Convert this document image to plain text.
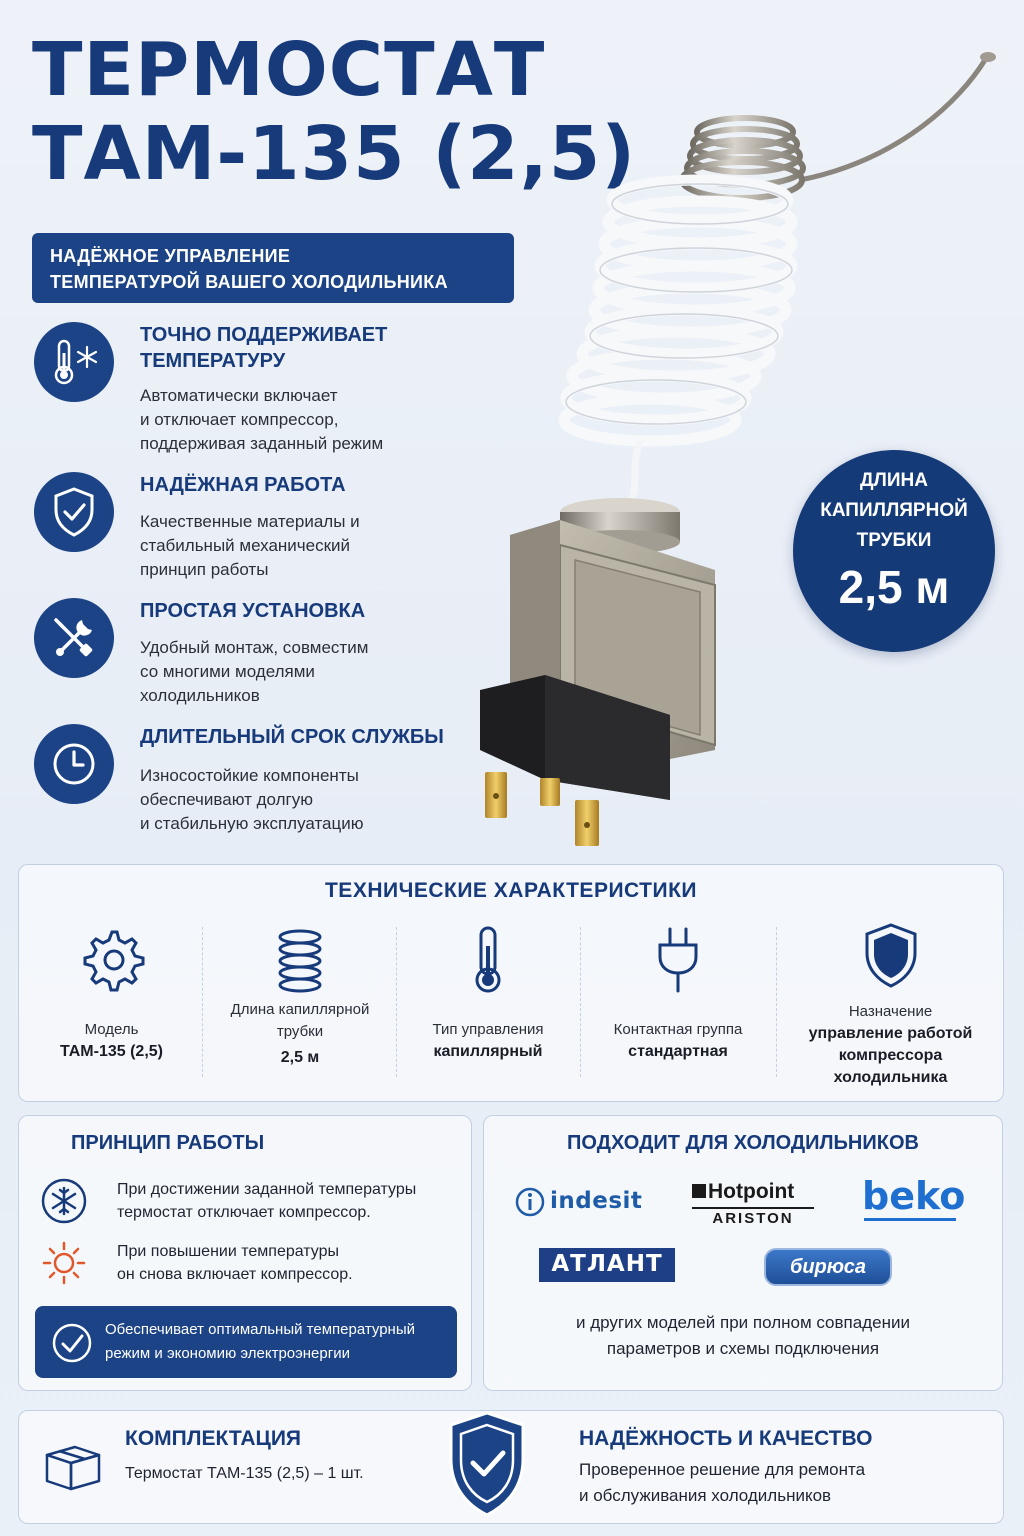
ТЕРМОСТАТ
ТАМ-135 (2,5)
НАДЁЖНОЕ УПРАВЛЕНИЕ
ТЕМПЕРАТУРОЙ ВАШЕГО ХОЛОДИЛЬНИКА
ТОЧНО ПОДДЕРЖИВАЕТ
ТЕМПЕРАТУРУ
Автоматически включает
и отключает компрессор,
поддерживая заданный режим
НАДЁЖНАЯ РАБОТА
Качественные материалы и
стабильный механический
принцип работы
ПРОСТАЯ УСТАНОВКА
Удобный монтаж, совместим
со многими моделями
холодильников
ДЛИТЕЛЬНЫЙ СРОК СЛУЖБЫ
Износостойкие компоненты
обеспечивают долгую
и стабильную эксплуатацию
ДЛИНА
КАПИЛЛЯРНОЙ
ТРУБКИ
2,5 м
ТЕХНИЧЕСКИЕ ХАРАКТЕРИСТИКИ
Модель
ТАМ-135 (2,5)
Длина капиллярной
трубки
2,5 м
Тип управления
капиллярный
Контактная группа
стандартная
Назначение
управление работой
компрессора
холодильника
ПРИНЦИП РАБОТЫ
При достижении заданной температуры
термостат отключает компрессор.
При повышении температуры
он снова включает компрессор.
Обеспечивает оптимальный температурный
режим и экономию электроэнергии
ПОДХОДИТ ДЛЯ ХОЛОДИЛЬНИКОВ
indesit	Hotpoint
ARISTON
beko
АТЛАНТ	бирюса
и других моделей при полном совпадении
параметров и схемы подключения
КОМПЛЕКТАЦИЯ
Термостат ТАМ-135 (2,5) – 1 шт.
НАДЁЖНОСТЬ И КАЧЕСТВО
Проверенное решение для ремонта
и обслуживания холодильников
